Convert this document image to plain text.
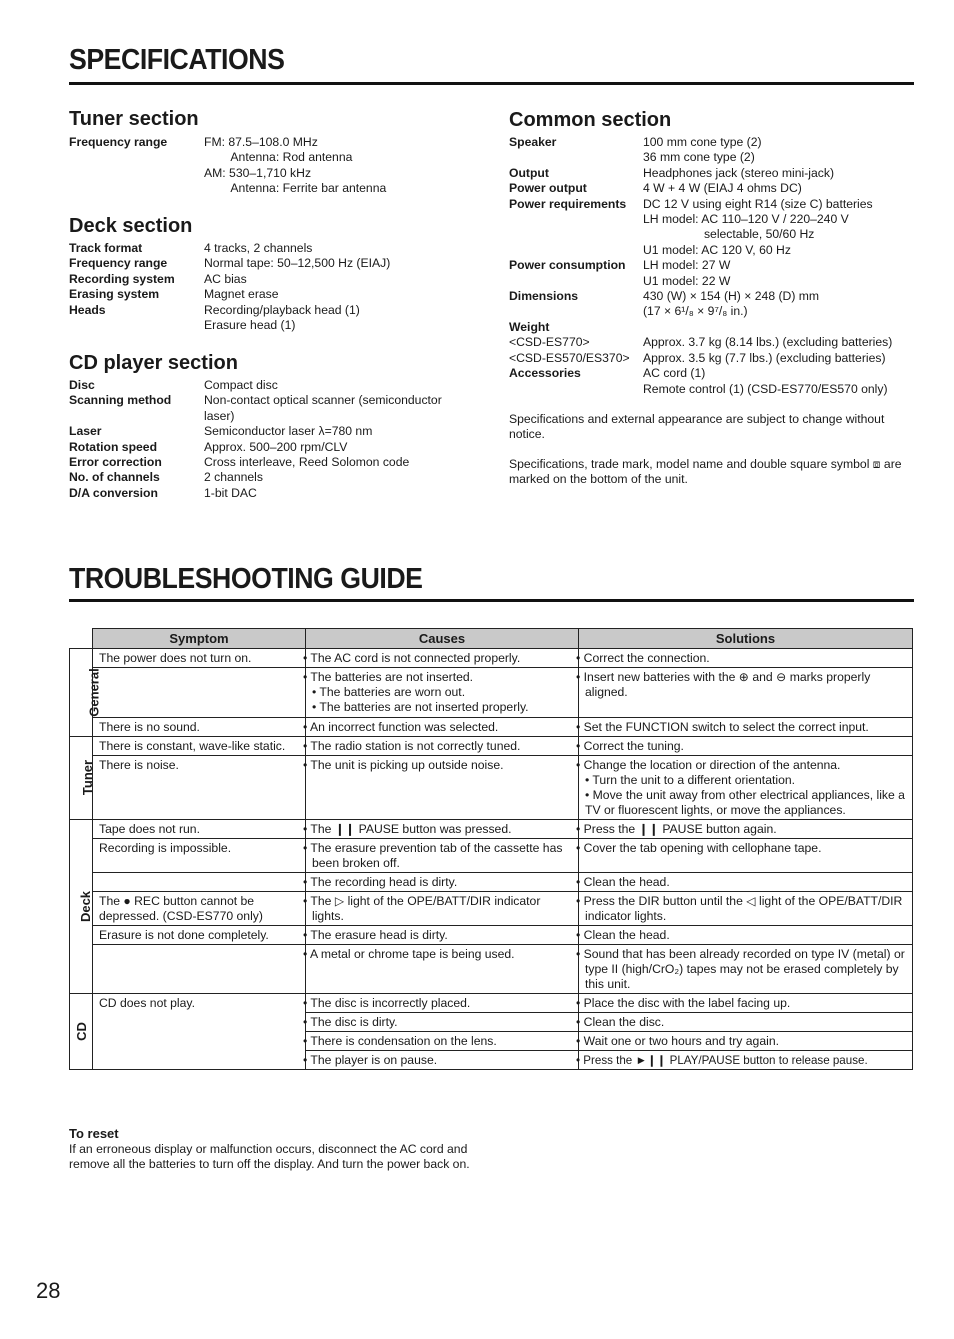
SPECIFICATIONS
Tuner section
Frequency range	FM: 87.5–108.0 MHz
Antenna: Rod antenna
AM: 530–1,710 kHz
Antenna: Ferrite bar antenna
Deck section
Track format	4 tracks, 2 channels
Frequency range	Normal tape: 50–12,500 Hz (EIAJ)
Recording system	AC bias
Erasing system	Magnet erase
Heads	Recording/playback head (1)
Erasure head (1)
CD player section
Disc	Compact disc
Scanning method	Non-contact optical scanner (semiconductor
laser)
Laser	Semiconductor laser λ=780 nm
Rotation speed	Approx. 500–200 rpm/CLV
Error correction	Cross interleave, Reed Solomon code
No. of channels	2 channels
D/A conversion	1-bit DAC
Common section
Speaker	100 mm cone type (2)
36 mm cone type (2)
Output	Headphones jack (stereo mini-jack)
Power output	4 W + 4 W (EIAJ 4 ohms DC)
Power requirements	DC 12 V using eight R14 (size C) batteries
LH model: AC 110–120 V / 220–240 V
selectable, 50/60 Hz
U1 model: AC 120 V, 60 Hz
Power consumption	LH model: 27 W
U1 model: 22 W
Dimensions	430 (W) × 154 (H) × 248 (D) mm
(17 × 6¹/₈ × 9⁷/₈ in.)
Weight
<CSD-ES770>	Approx. 3.7 kg (8.14 lbs.) (excluding batteries)
<CSD-ES570/ES370>	Approx. 3.5 kg (7.7 lbs.) (excluding batteries)
Accessories	AC cord (1)
Remote control (1) (CSD-ES770/ES570 only)
Specifications and external appearance are subject to change without notice.
Specifications, trade mark, model name and double square symbol ⧈ are marked on the bottom of the unit.
TROUBLESHOOTING GUIDE
	Symptom	Causes	Solutions
General	The power does not turn on.	• The AC cord is not connected properly.	• Correct the connection.
		• The batteries are not inserted.
• The batteries are worn out.
• The batteries are not inserted properly.	• Insert new batteries with the ⊕ and ⊖ marks properly aligned.
	There is no sound.	• An incorrect function was selected.	• Set the FUNCTION switch to select the correct input.
Tuner	There is constant, wave-like static.	• The radio station is not correctly tuned.	• Correct the tuning.
	There is noise.	• The unit is picking up outside noise.	• Change the location or direction of the antenna.
• Turn the unit to a different orientation.
• Move the unit away from other electrical appliances, like a TV or fluorescent lights, or move the appliances.
Deck	Tape does not run.	• The ❙❙ PAUSE button was pressed.	• Press the ❙❙ PAUSE button again.
	Recording is impossible.	• The erasure prevention tab of the cassette has been broken off.	• Cover the tab opening with cellophane tape.
		• The recording head is dirty.	• Clean the head.
	The ● REC button cannot be depressed. (CSD-ES770 only)	• The ▷ light of the OPE/BATT/DIR indicator lights.	• Press the DIR button until the ◁ light of the OPE/BATT/DIR indicator lights.
	Erasure is not done completely.	• The erasure head is dirty.	• Clean the head.
		• A metal or chrome tape is being used.	• Sound that has been already recorded on type IV (metal) or type II (high/CrO₂) tapes may not be erased completely by this unit.
CD	CD does not play.	• The disc is incorrectly placed.	• Place the disc with the label facing up.
		• The disc is dirty.	• Clean the disc.
		• There is condensation on the lens.	• Wait one or two hours and try again.
		• The player is on pause.	• Press the ►❙❙ PLAY/PAUSE button to release pause.
To reset
If an erroneous display or malfunction occurs, disconnect the AC cord and remove all the batteries to turn off the display. And turn the power back on.
28
